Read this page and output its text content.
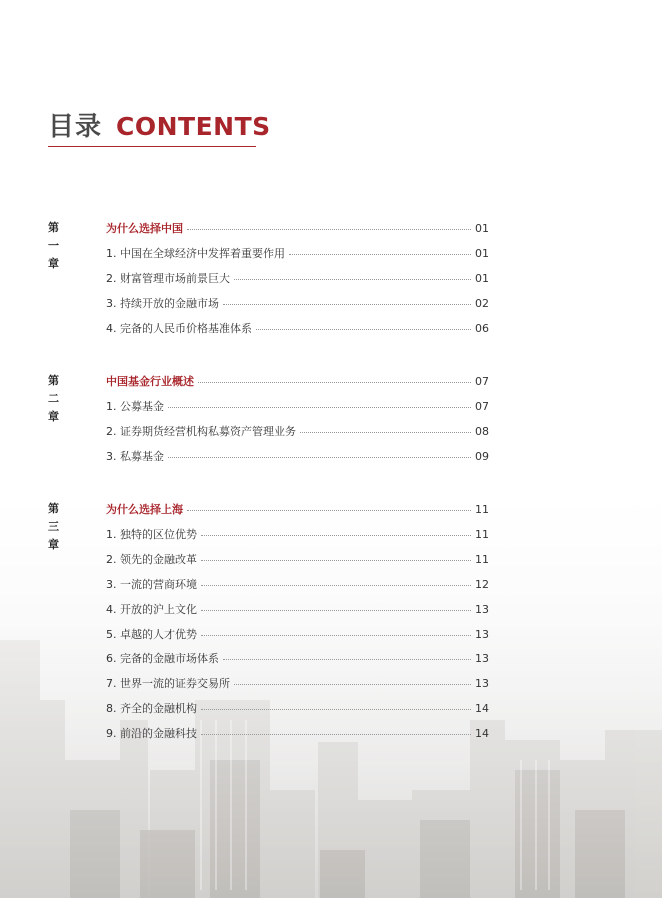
目录 CONTENTS
第一章
为什么选择中国	01
1. 中国在全球经济中发挥着重要作用	01
2. 财富管理市场前景巨大	01
3. 持续开放的金融市场	02
4. 完备的人民币价格基准体系	06
第二章
中国基金行业概述	07
1. 公募基金	07
2. 证券期货经营机构私募资产管理业务	08
3. 私募基金	09
第三章
为什么选择上海	11
1. 独特的区位优势	11
2. 领先的金融改革	11
3. 一流的营商环境	12
4. 开放的沪上文化	13
5. 卓越的人才优势	13
6. 完备的金融市场体系	13
7. 世界一流的证券交易所	13
8. 齐全的金融机构	14
9. 前沿的金融科技	14
